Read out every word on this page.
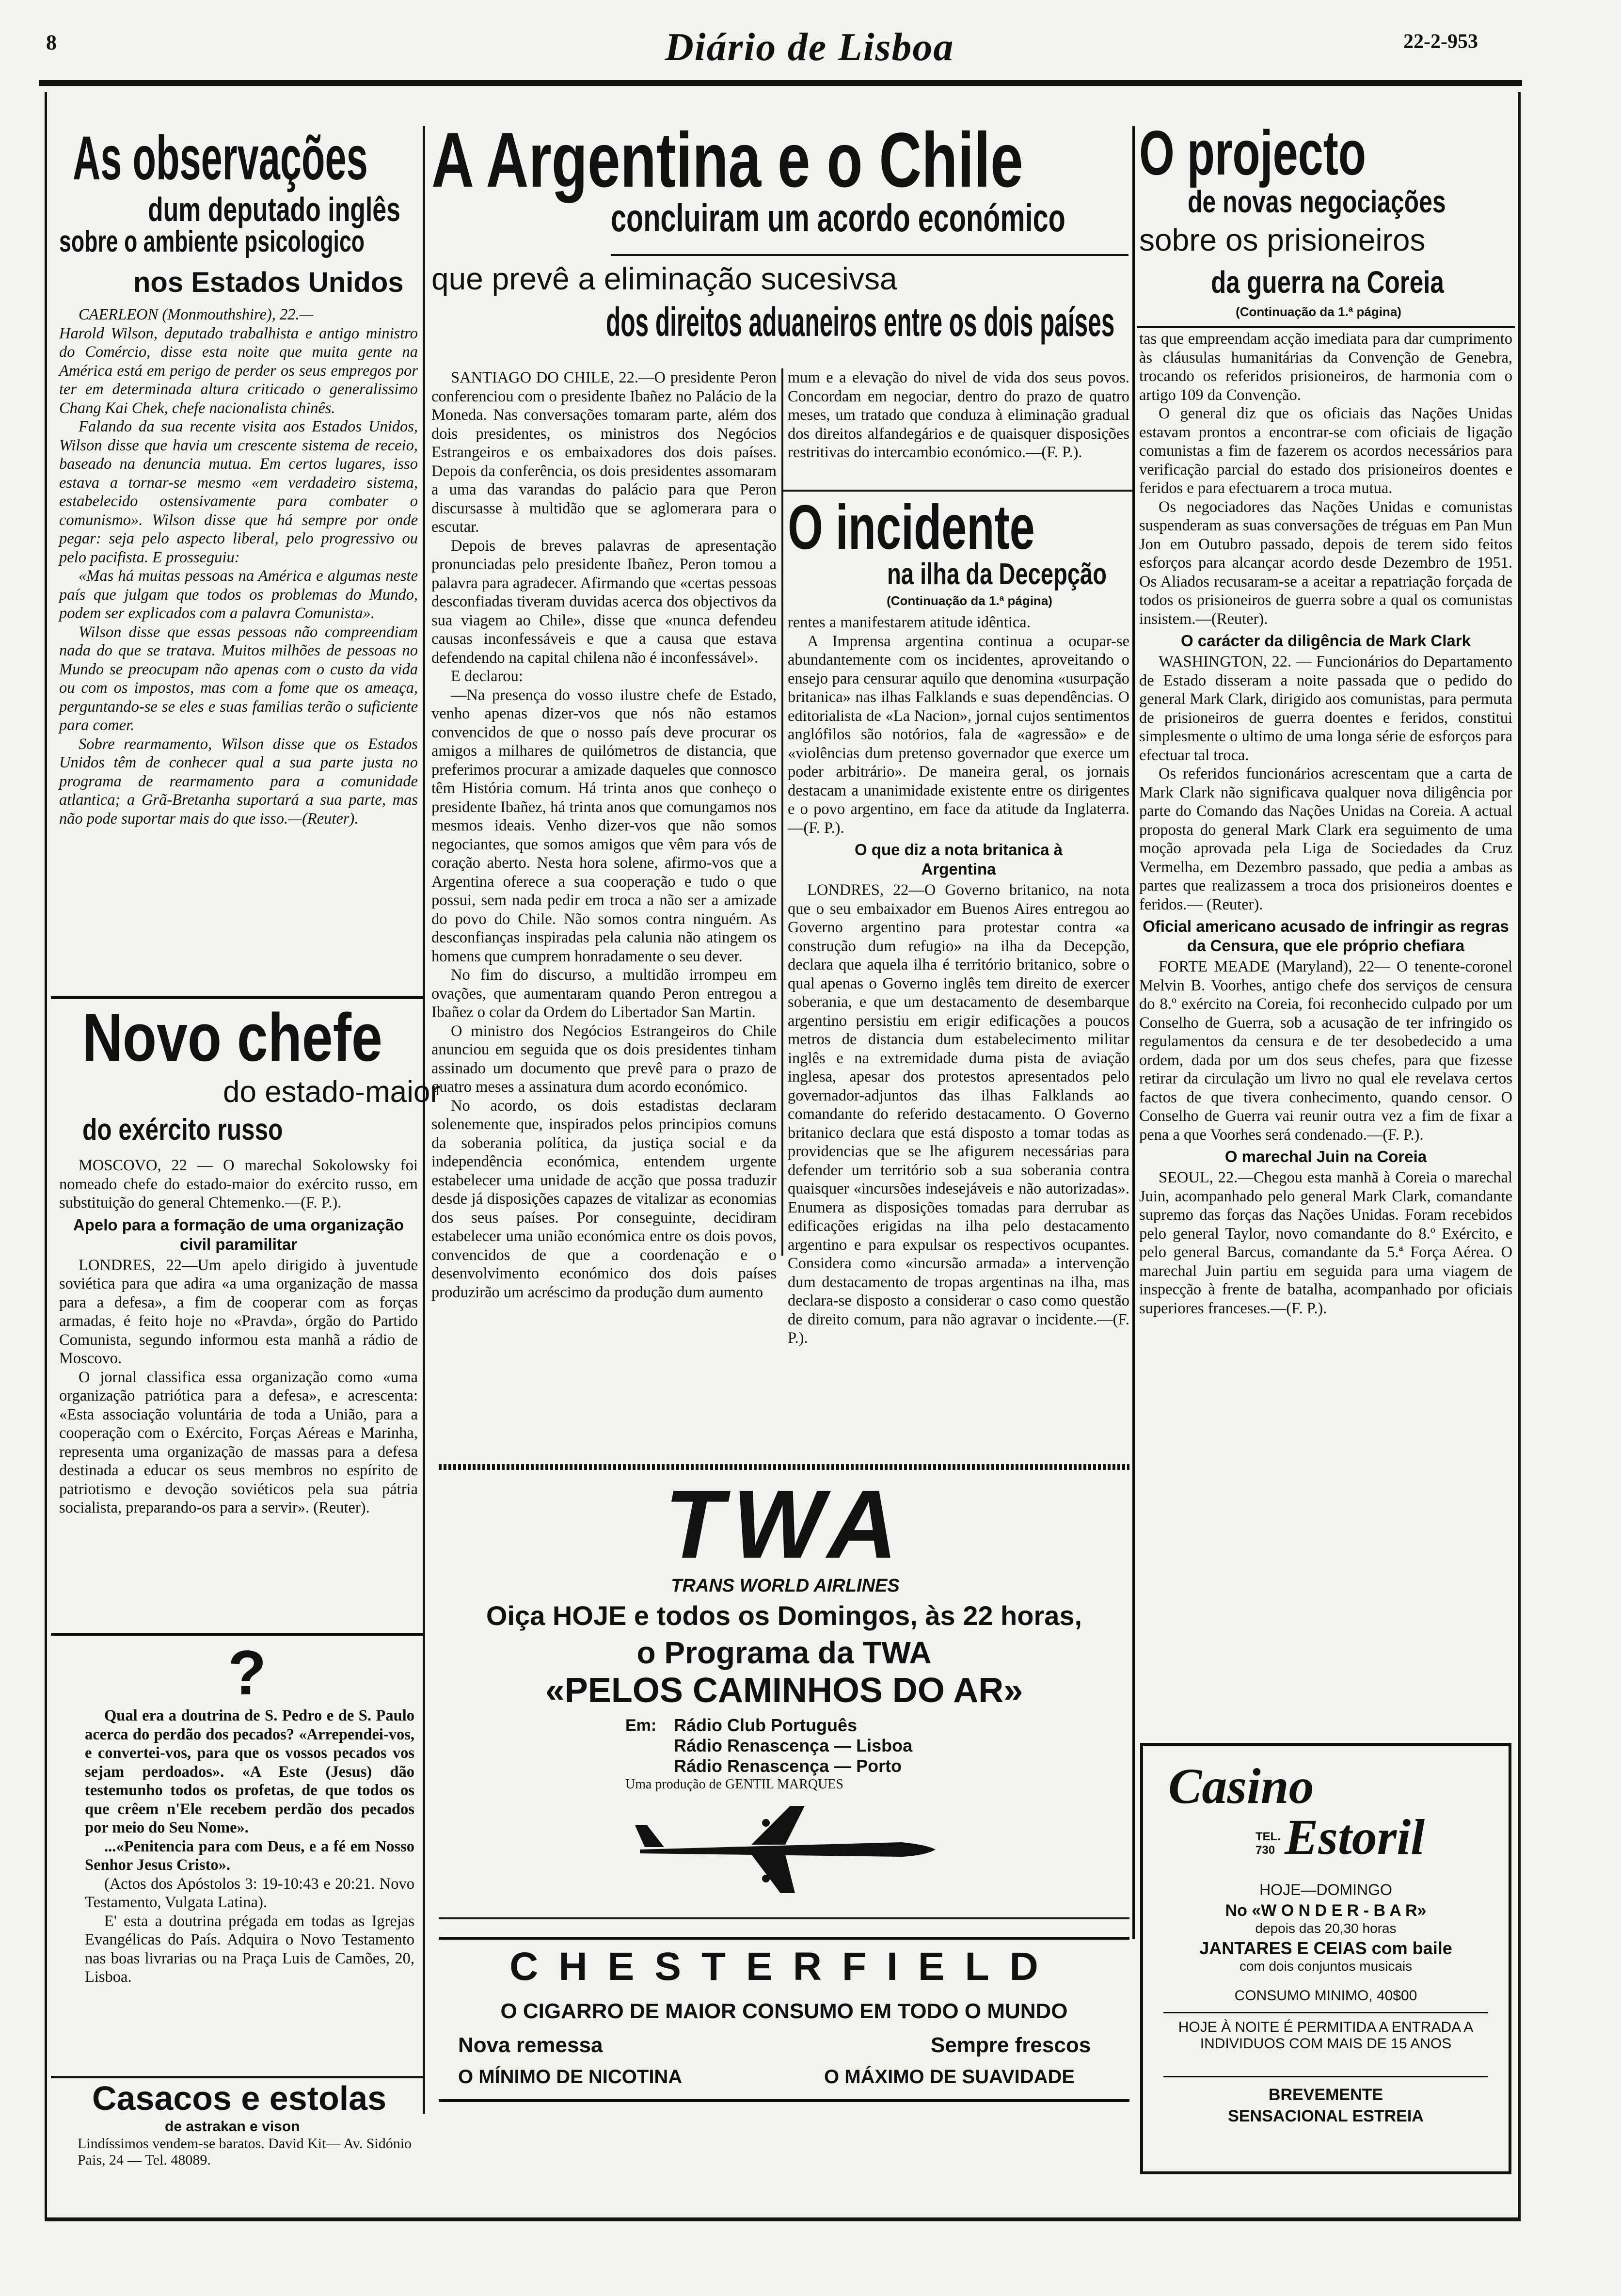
8	Diário de Lisboa	22-2-953
As observações
dum deputado inglês
sobre o ambiente psicologico
nos Estados Unidos

CAERLEON (Monmouthshire), 22.—

Harold Wilson, deputado trabalhista e antigo ministro do Comércio, disse esta noite que muita gente na América está em perigo de perder os seus empregos por ter em determinada altura criticado o generalissimo Chang Kai Chek, chefe nacionalista chinês.

Falando da sua recente visita aos Estados Unidos, Wilson disse que havia um crescente sistema de receio, baseado na denuncia mutua. Em certos lugares, isso estava a tornar-se mesmo «em verdadeiro sistema, estabelecido ostensivamente para combater o comunismo». Wilson disse que há sempre por onde pegar: seja pelo aspecto liberal, pelo progressivo ou pelo pacifista. E prosseguiu:

«Mas há muitas pessoas na América e algumas neste país que julgam que todos os problemas do Mundo, podem ser explicados com a palavra Comunista».

Wilson disse que essas pessoas não compreendiam nada do que se tratava. Muitos milhões de pessoas no Mundo se preocupam não apenas com o custo da vida ou com os impostos, mas com a fome que os ameaça, perguntando-se se eles e suas familias terão o suficiente para comer.

Sobre rearmamento, Wilson disse que os Estados Unidos têm de conhecer qual a sua parte justa no programa de rearmamento para a comunidade atlantica; a Grã-Bretanha suportará a sua parte, mas não pode suportar mais do que isso.—(Reuter).

Novo chefe
do estado-maior
do exército russo

MOSCOVO, 22 — O marechal Sokolowsky foi nomeado chefe do estado-maior do exército russo, em substituição do general Chtemenko.—(F. P.).

Apelo para a formação de uma organização civil paramilitar

LONDRES, 22—Um apelo dirigido à juventude soviética para que adira «a uma organização de massa para a defesa», a fim de cooperar com as forças armadas, é feito hoje no «Pravda», órgão do Partido Comunista, segundo informou esta manhã a rádio de Moscovo.

O jornal classifica essa organização como «uma organização patriótica para a defesa», e acrescenta: «Esta associação voluntária de toda a União, para a cooperação com o Exército, Forças Aéreas e Marinha, representa uma organização de massas para a defesa destinada a educar os seus membros no espírito de patriotismo e devoção soviéticos pela sua pátria socialista, preparando-os para a servir». (Reuter).

?

Qual era a doutrina de S. Pedro e de S. Paulo acerca do perdão dos pecados? «Arrependei-vos, e convertei-vos, para que os vossos pecados vos sejam perdoados». «A Este (Jesus) dão testemunho todos os profetas, de que todos os que crêem n'Ele recebem perdão dos pecados por meio do Seu Nome».

...«Penitencia para com Deus, e a fé em Nosso Senhor Jesus Cristo».

(Actos dos Apóstolos 3: 19-10:43 e 20:21. Novo Testamento, Vulgata Latina).

E' esta a doutrina prégada em todas as Igrejas Evangélicas do País. Adquira o Novo Testamento nas boas livrarias ou na Praça Luis de Camões, 20, Lisboa.

Casacos e estolas
de astrakan e vison
Lindíssimos vendem-se baratos. David Kit— Av. Sidónio Pais, 24 — Tel. 48089.
A Argentina e o Chile
concluiram um acordo económico
que prevê a eliminação sucesivsa
dos direitos aduaneiros entre os dois países

SANTIAGO DO CHILE, 22.—O presidente Peron conferenciou com o presidente Ibañez no Palácio de la Moneda. Nas conversações tomaram parte, além dos dois presidentes, os ministros dos Negócios Estrangeiros e os embaixadores dos dois países. Depois da conferência, os dois presidentes assomaram a uma das varandas do palácio para que Peron discursasse à multidão que se aglomerara para o escutar.

Depois de breves palavras de apresentação pronunciadas pelo presidente Ibañez, Peron tomou a palavra para agradecer. Afirmando que «certas pessoas desconfiadas tiveram duvidas acerca dos objectivos da sua viagem ao Chile», disse que «nunca defendeu causas inconfessáveis e que a causa que estava defendendo na capital chilena não é inconfessável».

E declarou:

—Na presença do vosso ilustre chefe de Estado, venho apenas dizer-vos que nós não estamos convencidos de que o nosso país deve procurar os amigos a milhares de quilómetros de distancia, que preferimos procurar a amizade daqueles que connosco têm História comum. Há trinta anos que conheço o presidente Ibañez, há trinta anos que comungamos nos mesmos ideais. Venho dizer-vos que não somos negociantes, que somos amigos que vêm para vós de coração aberto. Nesta hora solene, afirmo-vos que a Argentina oferece a sua cooperação e tudo o que possui, sem nada pedir em troca a não ser a amizade do povo do Chile. Não somos contra ninguém. As desconfianças inspiradas pela calunia não atingem os homens que cumprem honradamente o seu dever.

No fim do discurso, a multidão irrompeu em ovações, que aumentaram quando Peron entregou a Ibañez o colar da Ordem do Libertador San Martin.

O ministro dos Negócios Estrangeiros do Chile anunciou em seguida que os dois presidentes tinham assinado um documento que prevê para o prazo de quatro meses a assinatura dum acordo económico.

No acordo, os dois estadistas declaram solenemente que, inspirados pelos principios comuns da soberania política, da justiça social e da independência económica, entendem urgente estabelecer uma unidade de acção que possa traduzir desde já disposições capazes de vitalizar as economias dos seus países. Por conseguinte, decidiram estabelecer uma união económica entre os dois povos, convencidos de que a coordenação e o desenvolvimento económico dos dois países produzirão um acréscimo da produção dum aumento

mum e a elevação do nivel de vida dos seus povos. Concordam em negociar, dentro do prazo de quatro meses, um tratado que conduza à eliminação gradual dos direitos alfandegários e de quaisquer disposições restritivas do intercambio económico.—(F. P.).

O incidente
na ilha da Decepção
(Continuação da 1.ª página)

rentes a manifestarem atitude idêntica.

A Imprensa argentina continua a ocupar-se abundantemente com os incidentes, aproveitando o ensejo para censurar aquilo que denomina «usurpação britanica» nas ilhas Falklands e suas dependências. O editorialista de «La Nacion», jornal cujos sentimentos anglófilos são notórios, fala de «agressão» e de «violências dum pretenso governador que exerce um poder arbitrário». De maneira geral, os jornais destacam a unanimidade existente entre os dirigentes e o povo argentino, em face da atitude da Inglaterra.—(F. P.).

O que diz a nota britanica à Argentina

LONDRES, 22—O Governo britanico, na nota que o seu embaixador em Buenos Aires entregou ao Governo argentino para protestar contra «a construção dum refugio» na ilha da Decepção, declara que aquela ilha é território britanico, sobre o qual apenas o Governo inglês tem direito de exercer soberania, e que um destacamento de desembarque argentino persistiu em erigir edificações a poucos metros de distancia dum estabelecimento militar inglês e na extremidade duma pista de aviação inglesa, apesar dos protestos apresentados pelo governador-adjuntos das ilhas Falklands ao comandante do referido destacamento. O Governo britanico declara que está disposto a tomar todas as providencias que se lhe afigurem necessárias para defender um território sob a sua soberania contra quaisquer «incursões indesejáveis e não autorizadas». Enumera as disposições tomadas para derrubar as edificações erigidas na ilha pelo destacamento argentino e para expulsar os respectivos ocupantes. Considera como «incursão armada» a intervenção dum destacamento de tropas argentinas na ilha, mas declara-se disposto a considerar o caso como questão de direito comum, para não agravar o incidente.—(F. P.).

TWA
TRANS WORLD AIRLINES
Oiça HOJE e todos os Domingos, às 22 horas,
o Programa da TWA
«PELOS CAMINHOS DO AR»
Em: Rádio Club Português
Rádio Renascença — Lisboa
Rádio Renascença — Porto
Uma produção de GENTIL MARQUES
CHESTERFIELD
O CIGARRO DE MAIOR CONSUMO EM TODO O MUNDO
Nova remessa	Sempre frescos
O MÍNIMO DE NICOTINA	O MÁXIMO DE SUAVIDADE
O projecto
de novas negociações
sobre os prisioneiros
da guerra na Coreia
(Continuação da 1.ª página)

tas que empreendam acção imediata para dar cumprimento às cláusulas humanitárias da Convenção de Genebra, trocando os referidos prisioneiros, de harmonia com o artigo 109 da Convenção.

O general diz que os oficiais das Nações Unidas estavam prontos a encontrar-se com oficiais de ligação comunistas a fim de fazerem os acordos necessários para verificação parcial do estado dos prisioneiros doentes e feridos e para efectuarem a troca mutua.

Os negociadores das Nações Unidas e comunistas suspenderam as suas conversações de tréguas em Pan Mun Jon em Outubro passado, depois de terem sido feitos esforços para alcançar acordo desde Dezembro de 1951. Os Aliados recusaram-se a aceitar a repatriação forçada de todos os prisioneiros de guerra sobre a qual os comunistas insistem.—(Reuter).

O carácter da diligência de Mark Clark

WASHINGTON, 22. — Funcionários do Departamento de Estado disseram a noite passada que o pedido do general Mark Clark, dirigido aos comunistas, para permuta de prisioneiros de guerra doentes e feridos, constitui simplesmente o ultimo de uma longa série de esforços para efectuar tal troca.

Os referidos funcionários acrescentam que a carta de Mark Clark não significava qualquer nova diligência por parte do Comando das Nações Unidas na Coreia. A actual proposta do general Mark Clark era seguimento de uma moção aprovada pela Liga de Sociedades da Cruz Vermelha, em Dezembro passado, que pedia a ambas as partes que realizassem a troca dos prisioneiros doentes e feridos.— (Reuter).

Oficial americano acusado de infringir as regras da Censura, que ele próprio chefiara

FORTE MEADE (Maryland), 22— O tenente-coronel Melvin B. Voorhes, antigo chefe dos serviços de censura do 8.º exército na Coreia, foi reconhecido culpado por um Conselho de Guerra, sob a acusação de ter infringido os regulamentos da censura e de ter desobedecido a uma ordem, dada por um dos seus chefes, para que fizesse retirar da circulação um livro no qual ele revelava certos factos de que tivera conhecimento, quando censor. O Conselho de Guerra vai reunir outra vez a fim de fixar a pena a que Voorhes será condenado.—(F. P.).

O marechal Juin na Coreia

SEOUL, 22.—Chegou esta manhã à Coreia o marechal Juin, acompanhado pelo general Mark Clark, comandante supremo das forças das Nações Unidas. Foram recebidos pelo general Taylor, novo comandante do 8.º Exército, e pelo general Barcus, comandante da 5.ª Força Aérea. O marechal Juin partiu em seguida para uma viagem de inspecção à frente de batalha, acompanhado por oficiais superiores franceses.—(F. P.).

Casino
Estoril
TEL. 730
HOJE—DOMINGO
No «W O N D E R - B A R»
depois das 20,30 horas
JANTARES E CEIAS com baile
com dois conjuntos musicais
CONSUMO MINIMO, 40$00
HOJE À NOITE É PERMITIDA A ENTRADA A INDIVIDUOS COM MAIS DE 15 ANOS
BREVEMENTE
SENSACIONAL ESTREIA
